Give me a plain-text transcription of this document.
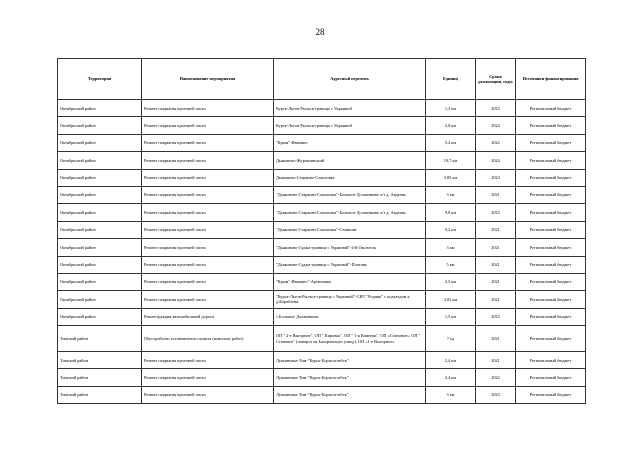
28
Территория	Наименование мероприятия	Адресный перечень	Единиц	Сроки реализации, годы	Источники финансирования
Октябрьский район	Ремонт покрытия проезжей части	Курск-Льгов-Рыльск-граница с Украиной	1,3 км	2023	Региональный бюджет
Октябрьский район	Ремонт покрытия проезжей части	Курск-Льгов-Рыльск-граница с Украиной	2,8 км	2024	Региональный бюджет
Октябрьский район	Ремонт покрытия проезжей части	"Крым"-Иванино	5,4 км	2022	Региональный бюджет
Октябрьский район	Ремонт покрытия проезжей части	Дьяконово-Журавлинский	10,7 км	2024	Региональный бюджет
Октябрьский район	Ремонт покрытия проезжей части	Дьяконово-Старково-Соколовка	3,85 км	2024	Региональный бюджет
Октябрьский район	Ремонт покрытия проезжей части	"Дьяконово-Старково-Соколовка"-Большое Долженково ч/з д. Авдеева	3 км	2021	Региональный бюджет
Октябрьский район	Ремонт покрытия проезжей части	"Дьяконово-Старково-Соколовка"-Большое Долженково ч/з д. Авдеева	9,8 км	2023	Региональный бюджет
Октябрьский район	Ремонт покрытия проезжей части	"Дьяконово-Старково-Соколовка"-Стоянова	0,2 км	2021	Региональный бюджет
Октябрьский район	Ремонт покрытия проезжей части	"Дьяконово-Суджа-граница с Украиной"-4-й Околоток	3 км	2021	Региональный бюджет
Октябрьский район	Ремонт покрытия проезжей части	"Дьяконово-Суджа-граница с Украиной"-Плотава	5 км	2021	Региональный бюджет
Октябрьский район	Ремонт покрытия проезжей части	"Крым"-Иванино"-Артюховка	2,5 км	2021	Региональный бюджет
Октябрьский район	Ремонт покрытия проезжей части	"Курск-Льгов-Рыльск-граница с Украиной"-СНТ "Родник" с подъездом к д.Кораблова	3,03 км	2021	Региональный бюджет
Октябрьский район	Реконструкция автомобильной дороги	с.Большое Долженково	1,5 км	2023	Региональный бюджет
Тимский район	Обустройство остановочного пункта (комплекс работ)	ОП " 2-е Выгорное", ОП " Кировка", ОП " 1-я Каменка", ОП «Становое», ОП " Становое" (поворот на Бахоровскую улицу), ОП «1-е Выгорное».	7 ед	2021	Региональный бюджет
Тимский район	Ремонт покрытия проезжей части	Лукьяновка-Тим-"Курск-Борисоглебск"	2,4 км	2021	Региональный бюджет
Тимский район	Ремонт покрытия проезжей части	Лукьяновка-Тим-"Курск-Борисоглебск"	2,4 км	2022	Региональный бюджет
Тимский район	Ремонт покрытия проезжей части	Лукьяновка-Тим-"Курск-Борисоглебск"	3 км	2023	Региональный бюджет
